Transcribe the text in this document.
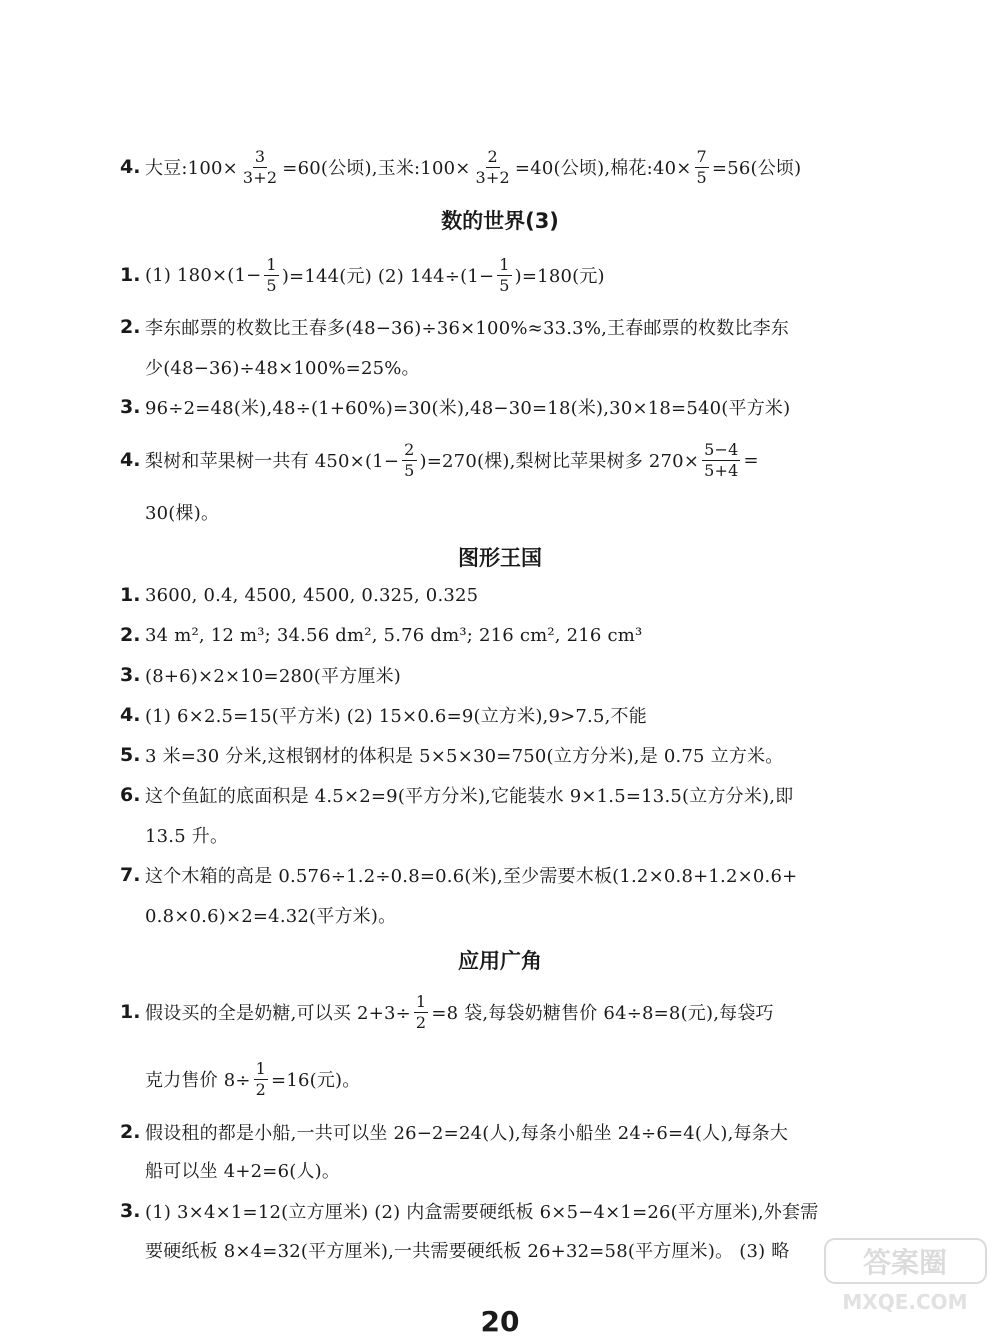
4. 大豆:100× $\frac{3}{3+2} =60$(公顷),玉米:100× $\frac{2}{3+2} =40$(公顷),棉花:40× $\frac{7}{5} =56$(公顷)
数的世界(3)
1. (1) $180\times(1- \frac{1}{5} )=144$(元) (2) $144\div(1- \frac{1}{5} )=180$(元)
2. 李东邮票的枚数比王春多(48−36)÷36×100%≈33.3%,王春邮票的枚数比李东
少(48−36)÷48×100%=25%。
3. 96÷2=48(米),48÷(1+60%)=30(米),48−30=18(米),30×18=540(平方米)
4. 梨树和苹果树一共有 $450\times(1- \frac{2}{5} )=270$(棵),梨树比苹果树多 $270\times \frac{5-4}{5+4}$ =
30(棵)。
图形王国
1. 3600, 0.4, 4500, 4500, 0.325, 0.325
2. 34 m², 12 m³; 34.56 dm², 5.76 dm³; 216 cm², 216 cm³
3. (8+6)×2×10=280(平方厘米)
4. (1) 6×2.5=15(平方米) (2) 15×0.6=9(立方米),9>7.5,不能
5. 3 米=30 分米,这根钢材的体积是 5×5×30=750(立方分米),是 0.75 立方米。
6. 这个鱼缸的底面积是 4.5×2=9(平方分米),它能装水 9×1.5=13.5(立方分米),即
13.5 升。
7. 这个木箱的高是 0.576÷1.2÷0.8=0.6(米),至少需要木板(1.2×0.8+1.2×0.6+
0.8×0.6)×2=4.32(平方米)。
应用广角
1. 假设买的全是奶糖,可以买 $2+3\div \frac{1}{2} =8$ 袋,每袋奶糖售价 64÷8=8(元),每袋巧
克力售价 $8\div \frac{1}{2} =16$(元)。
2. 假设租的都是小船,一共可以坐 26−2=24(人),每条小船坐 24÷6=4(人),每条大
船可以坐 4+2=6(人)。
3. (1) 3×4×1=12(立方厘米) (2) 内盒需要硬纸板 6×5−4×1=26(平方厘米),外套需
要硬纸板 8×4=32(平方厘米),一共需要硬纸板 26+32=58(平方厘米)。 (3) 略
20
答案圈
MXQE.COM
